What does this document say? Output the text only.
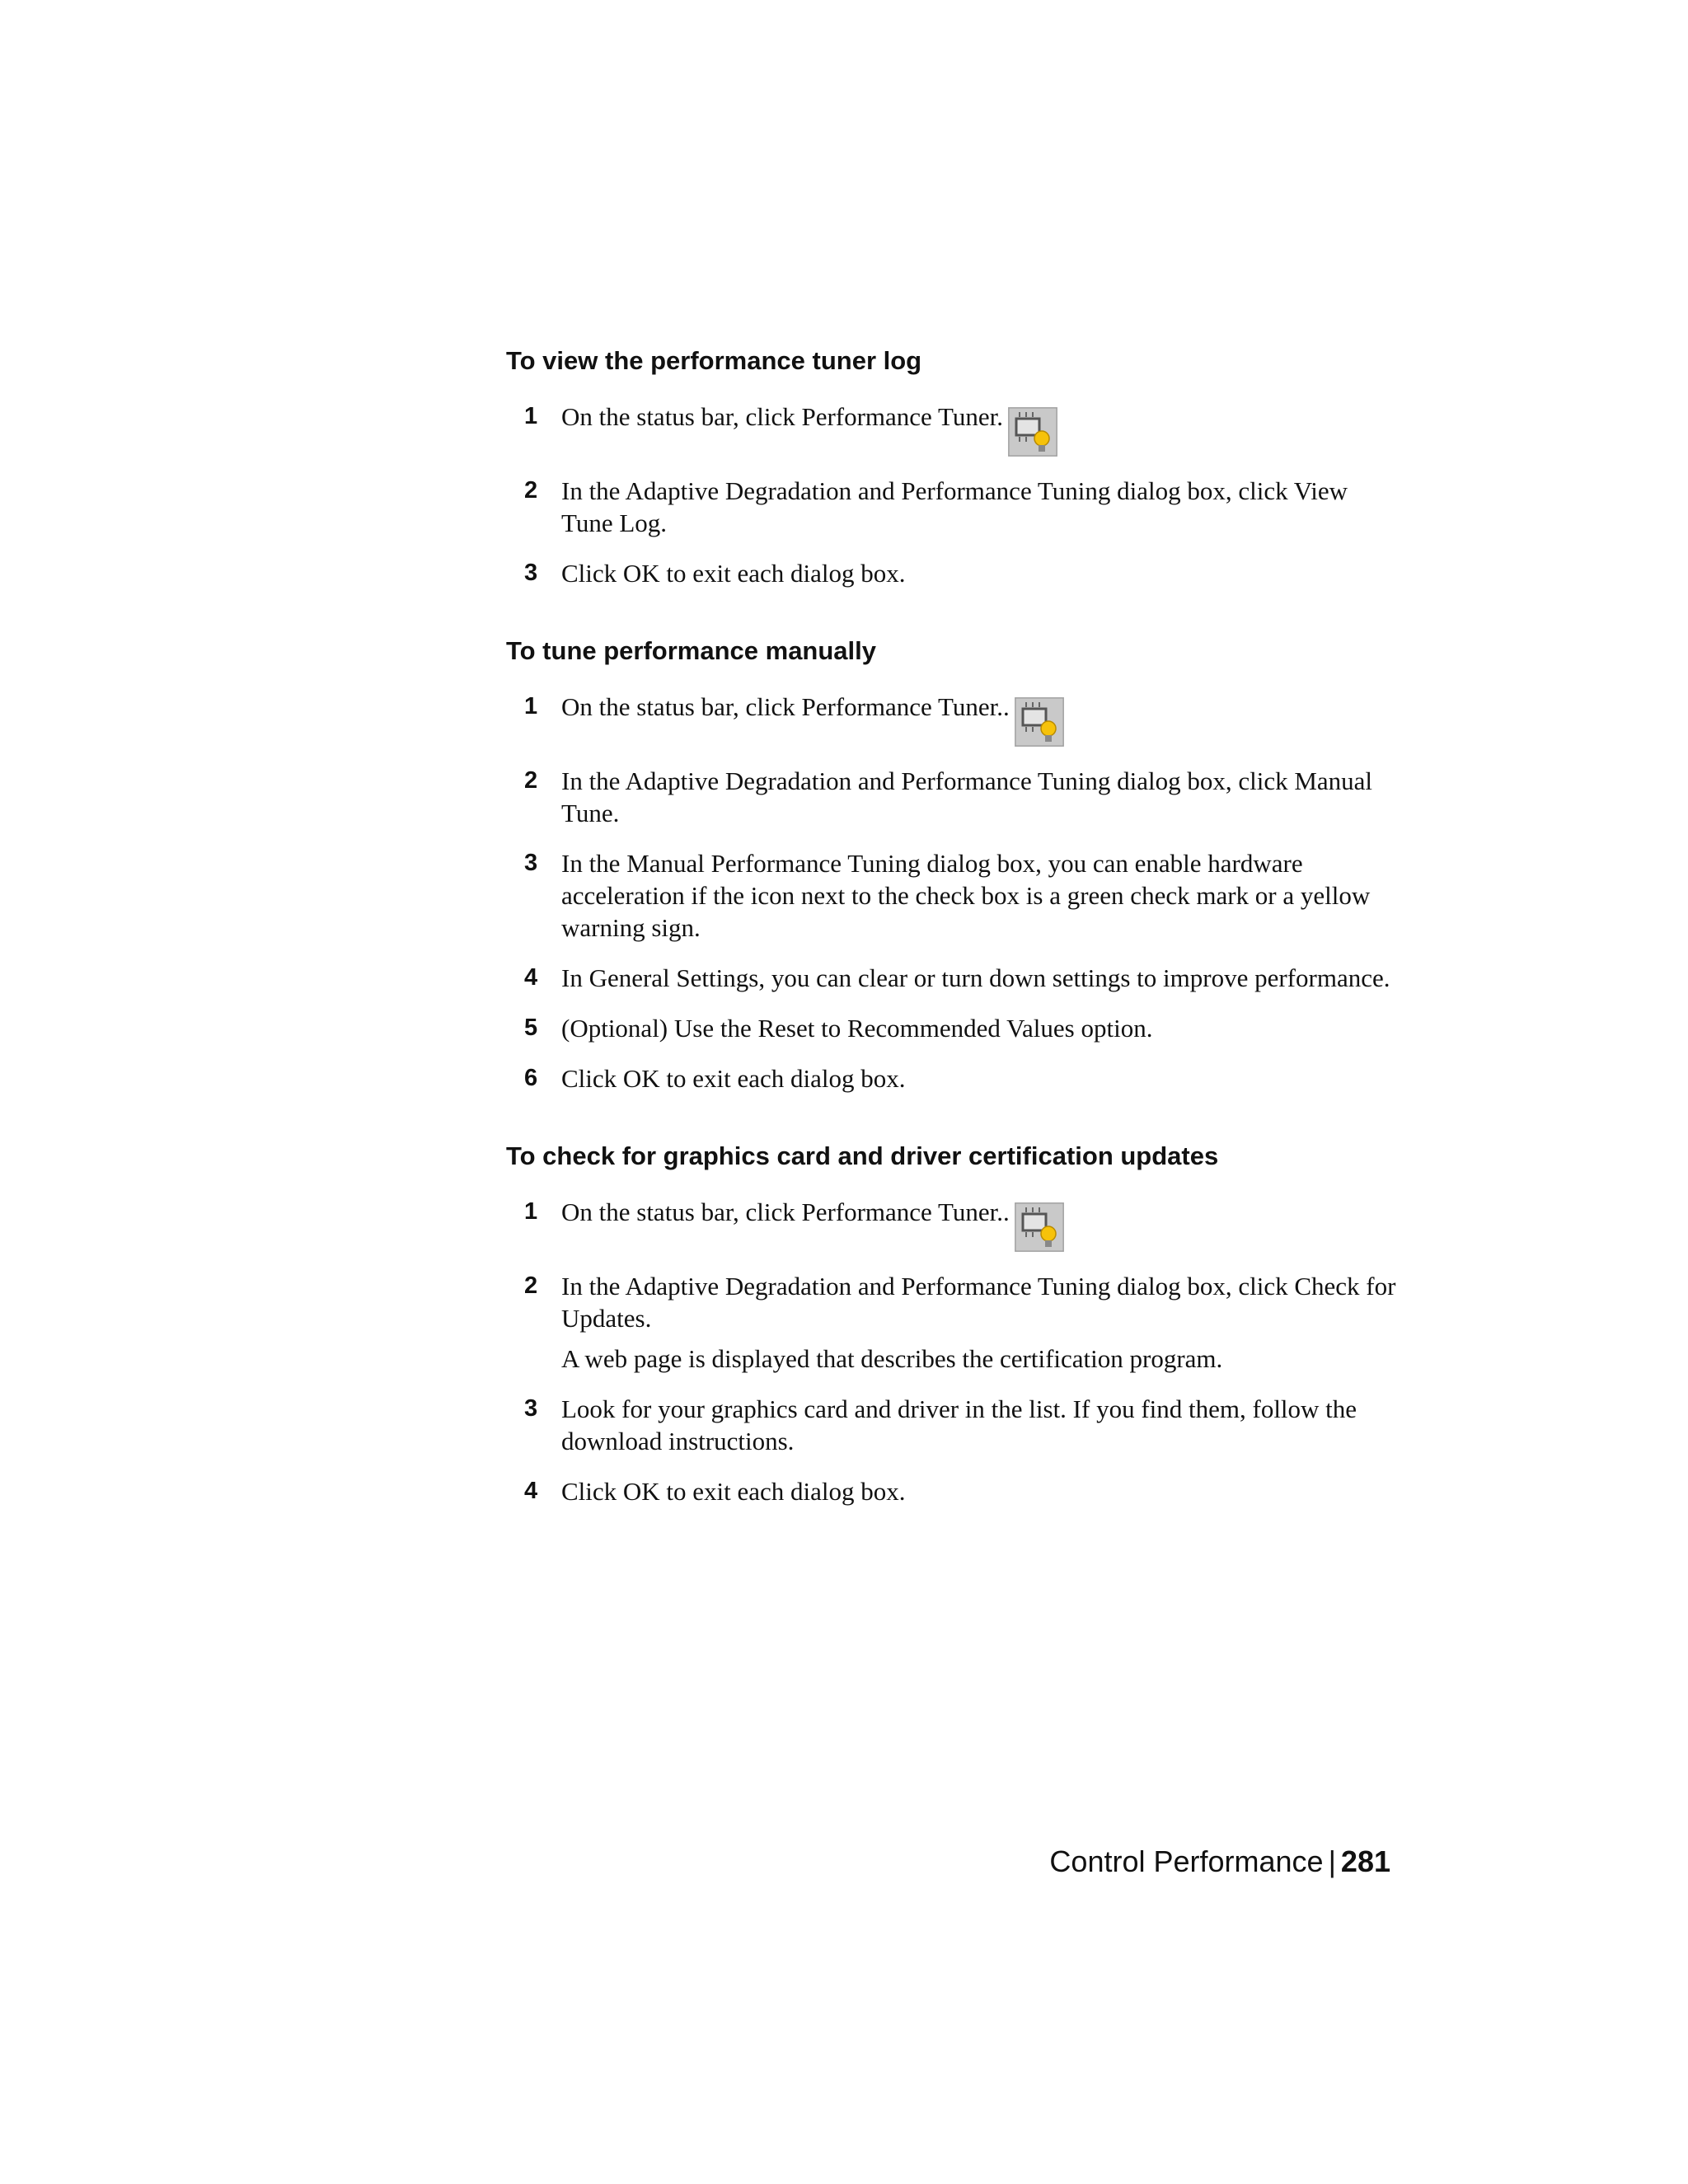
To view the performance tuner log
1 On the status bar, click Performance Tuner.
2 In the Adaptive Degradation and Performance Tuning dialog box, click View Tune Log.
3 Click OK to exit each dialog box.
To tune performance manually
1 On the status bar, click Performance Tuner..
2 In the Adaptive Degradation and Performance Tuning dialog box, click Manual Tune.
3 In the Manual Performance Tuning dialog box, you can enable hardware acceleration if the icon next to the check box is a green check mark or a yellow warning sign.
4 In General Settings, you can clear or turn down settings to improve performance.
5 (Optional) Use the Reset to Recommended Values option.
6 Click OK to exit each dialog box.
To check for graphics card and driver certification updates
1 On the status bar, click Performance Tuner..
2 In the Adaptive Degradation and Performance Tuning dialog box, click Check for Updates.
A web page is displayed that describes the certification program.
3 Look for your graphics card and driver in the list. If you find them, follow the download instructions.
4 Click OK to exit each dialog box.
Control Performance | 281
